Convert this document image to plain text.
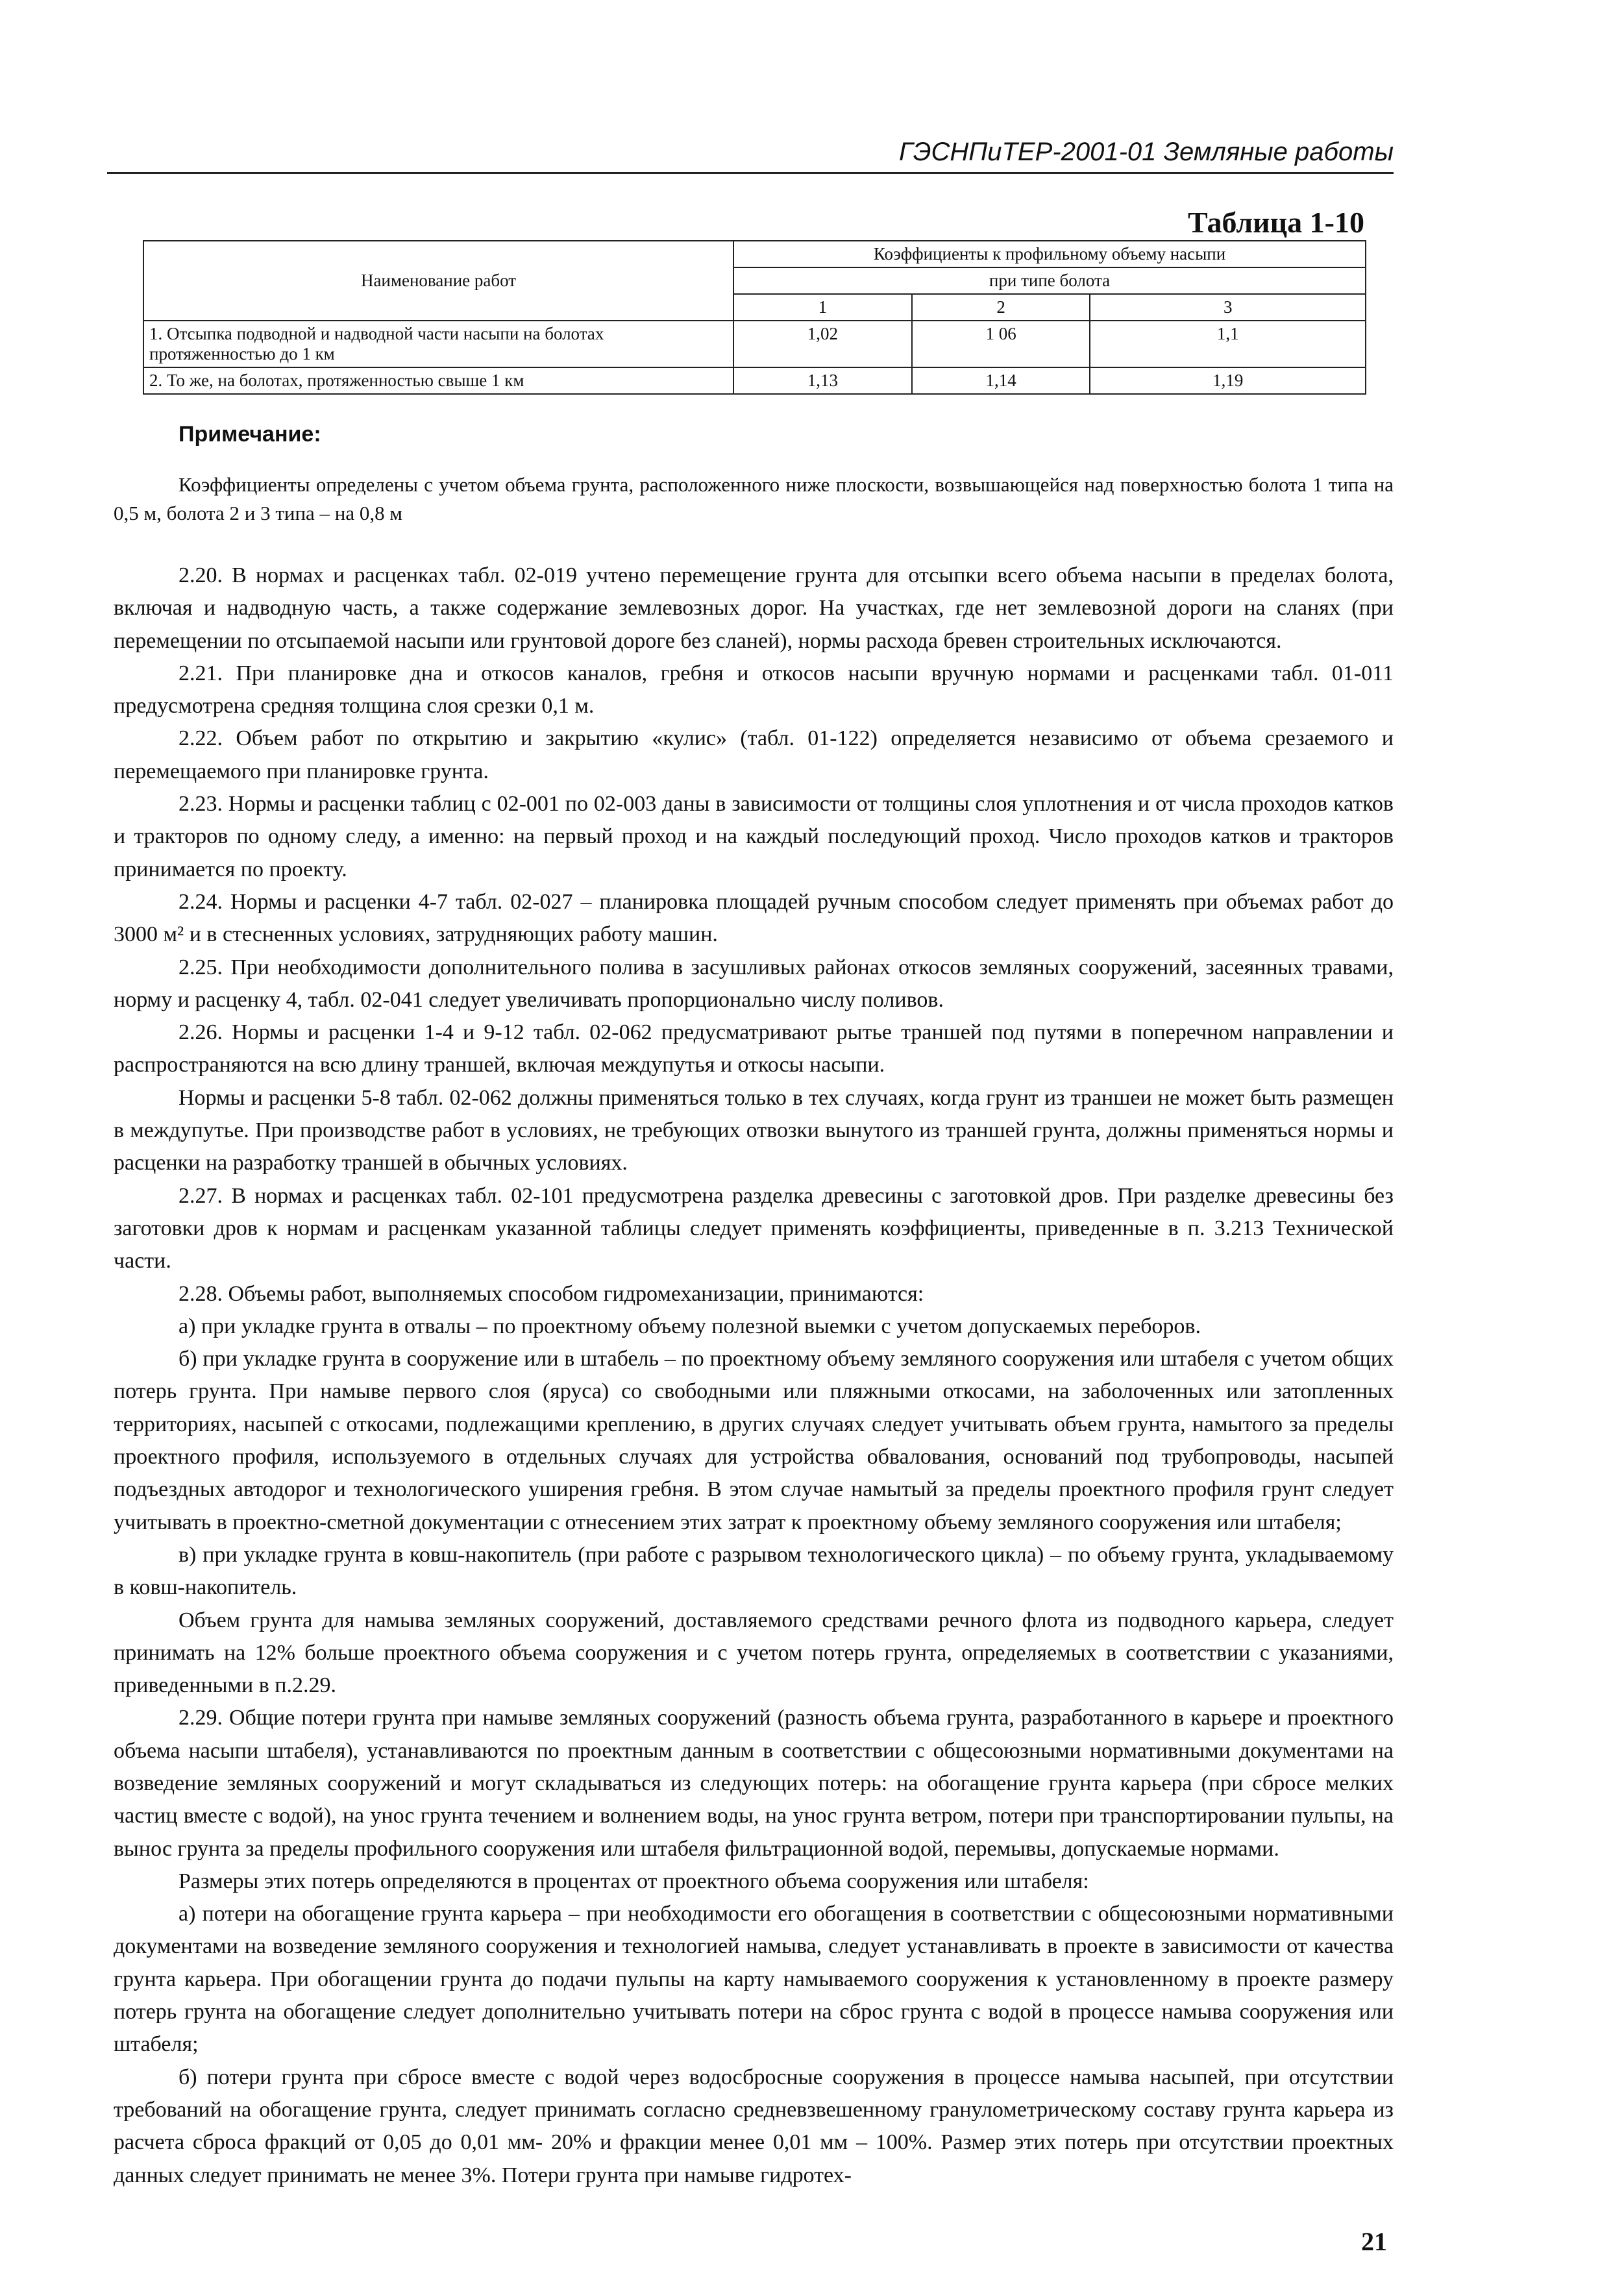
ГЭСНПиТЕР-2001-01 Земляные работы
Таблица 1-10
Наименование работ	Коэффициенты к профильному объему насыпи		
	при типе болота		
	1	2	3
1. Отсыпка подводной и надводной части насыпи на болотах протяженностью до 1 км	1,02	1 06	1,1
2. То же, на болотах, протяженностью свыше 1 км	1,13	1,14	1,19
Примечание:
Коэффициенты определены с учетом объема грунта, расположенного ниже плоскости, возвышающейся над поверхностью болота 1 типа на 0,5 м, болота 2 и 3 типа – на 0,8 м

2.20. В нормах и расценках табл. 02-019 учтено перемещение грунта для отсыпки всего объема насыпи в пределах болота, включая и надводную часть, а также содержание землевозных дорог. На участках, где нет землевозной дороги на сланях (при перемещении по отсыпаемой насыпи или грунтовой дороге без сланей), нормы расхода бревен строительных исключаются.

2.21. При планировке дна и откосов каналов, гребня и откосов насыпи вручную нормами и расценками табл. 01-011 предусмотрена средняя толщина слоя срезки 0,1 м.

2.22. Объем работ по открытию и закрытию «кулис» (табл. 01-122) определяется независимо от объема срезаемого и перемещаемого при планировке грунта.

2.23. Нормы и расценки таблиц с 02-001 по 02-003 даны в зависимости от толщины слоя уплотнения и от числа проходов катков и тракторов по одному следу, а именно: на первый проход и на каждый последующий проход. Число проходов катков и тракторов принимается по проекту.

2.24. Нормы и расценки 4-7 табл. 02-027 – планировка площадей ручным способом следует применять при объемах работ до 3000 м² и в стесненных условиях, затрудняющих работу машин.

2.25. При необходимости дополнительного полива в засушливых районах откосов земляных сооружений, засеянных травами, норму и расценку 4, табл. 02-041 следует увеличивать пропорционально числу поливов.

2.26. Нормы и расценки 1-4 и 9-12 табл. 02-062 предусматривают рытье траншей под путями в поперечном направлении и распространяются на всю длину траншей, включая междупутья и откосы насыпи.

Нормы и расценки 5-8 табл. 02-062 должны применяться только в тех случаях, когда грунт из траншеи не может быть размещен в междупутье. При производстве работ в условиях, не требующих отвозки вынутого из траншей грунта, должны применяться нормы и расценки на разработку траншей в обычных условиях.

2.27. В нормах и расценках табл. 02-101 предусмотрена разделка древесины с заготовкой дров. При разделке древесины без заготовки дров к нормам и расценкам указанной таблицы следует применять коэффициенты, приведенные в п. 3.213 Технической части.

2.28. Объемы работ, выполняемых способом гидромеханизации, принимаются:

а) при укладке грунта в отвалы – по проектному объему полезной выемки с учетом допускаемых переборов.

б) при укладке грунта в сооружение или в штабель – по проектному объему земляного сооружения или штабеля с учетом общих потерь грунта. При намыве первого слоя (яруса) со свободными или пляжными откосами, на заболоченных или затопленных территориях, насыпей с откосами, подлежащими креплению, в других случаях следует учитывать объем грунта, намытого за пределы проектного профиля, используемого в отдельных случаях для устройства обвалования, оснований под трубопроводы, насыпей подъездных автодорог и технологического уширения гребня. В этом случае намытый за пределы проектного профиля грунт следует учитывать в проектно-сметной документации с отнесением этих затрат к проектному объему земляного сооружения или штабеля;

в) при укладке грунта в ковш-накопитель (при работе с разрывом технологического цикла) – по объему грунта, укладываемому в ковш-накопитель.

Объем грунта для намыва земляных сооружений, доставляемого средствами речного флота из подводного карьера, следует принимать на 12% больше проектного объема сооружения и с учетом потерь грунта, определяемых в соответствии с указаниями, приведенными в п.2.29.

2.29. Общие потери грунта при намыве земляных сооружений (разность объема грунта, разработанного в карьере и проектного объема насыпи штабеля), устанавливаются по проектным данным в соответствии с общесоюзными нормативными документами на возведение земляных сооружений и могут складываться из следующих потерь: на обогащение грунта карьера (при сбросе мелких частиц вместе с водой), на унос грунта течением и волнением воды, на унос грунта ветром, потери при транспортировании пульпы, на вынос грунта за пределы профильного сооружения или штабеля фильтрационной водой, перемывы, допускаемые нормами.

Размеры этих потерь определяются в процентах от проектного объема сооружения или штабеля:

а) потери на обогащение грунта карьера – при необходимости его обогащения в соответствии с общесоюзными нормативными документами на возведение земляного сооружения и технологией намыва, следует устанавливать в проекте в зависимости от качества грунта карьера. При обогащении грунта до подачи пульпы на карту намываемого сооружения к установленному в проекте размеру потерь грунта на обогащение следует дополнительно учитывать потери на сброс грунта с водой в процессе намыва сооружения или штабеля;

б) потери грунта при сбросе вместе с водой через водосбросные сооружения в процессе намыва насыпей, при отсутствии требований на обогащение грунта, следует принимать согласно средневзвешенному гранулометрическому составу грунта карьера из расчета сброса фракций от 0,05 до 0,01 мм- 20% и фракции менее 0,01 мм – 100%. Размер этих потерь при отсутствии проектных данных следует принимать не менее 3%. Потери грунта при намыве гидротех-

21
